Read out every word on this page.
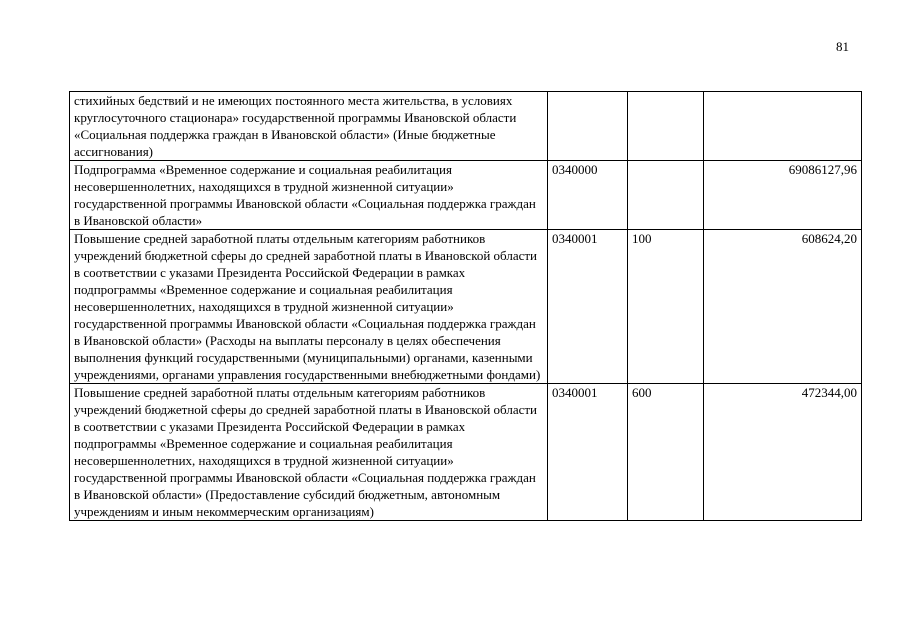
81
стихийных бедствий и не имеющих постоянного места жительства, в условиях круглосуточного стационара» государственной программы Ивановской области «Социальная поддержка граждан в Ивановской области» (Иные бюджетные ассигнования)			
Подпрограмма «Временное содержание и социальная реабилитация несовершеннолетних, находящихся в трудной жизненной ситуации» государственной программы Ивановской области «Социальная поддержка граждан в Ивановской области»	0340000		69086127,96
Повышение средней заработной платы отдельным категориям работников учреждений бюджетной сферы до средней заработной платы в Ивановской области в соответствии с указами Президента Российской Федерации в рамках подпрограммы «Временное содержание и социальная реабилитация несовершеннолетних, находящихся в трудной жизненной ситуации» государственной программы Ивановской области «Социальная поддержка граждан в Ивановской области» (Расходы на выплаты персоналу в целях обеспечения выполнения функций государственными (муниципальными) органами, казенными учреждениями, органами управления государственными внебюджетными фондами)	0340001	100	608624,20
Повышение средней заработной платы отдельным категориям работников учреждений бюджетной сферы до средней заработной платы в Ивановской области в соответствии с указами Президента Российской Федерации в рамках подпрограммы «Временное содержание и социальная реабилитация несовершеннолетних, находящихся в трудной жизненной ситуации» государственной программы Ивановской области «Социальная поддержка граждан в Ивановской области» (Предоставление субсидий бюджетным, автономным учреждениям и иным некоммерческим организациям)	0340001	600	472344,00
